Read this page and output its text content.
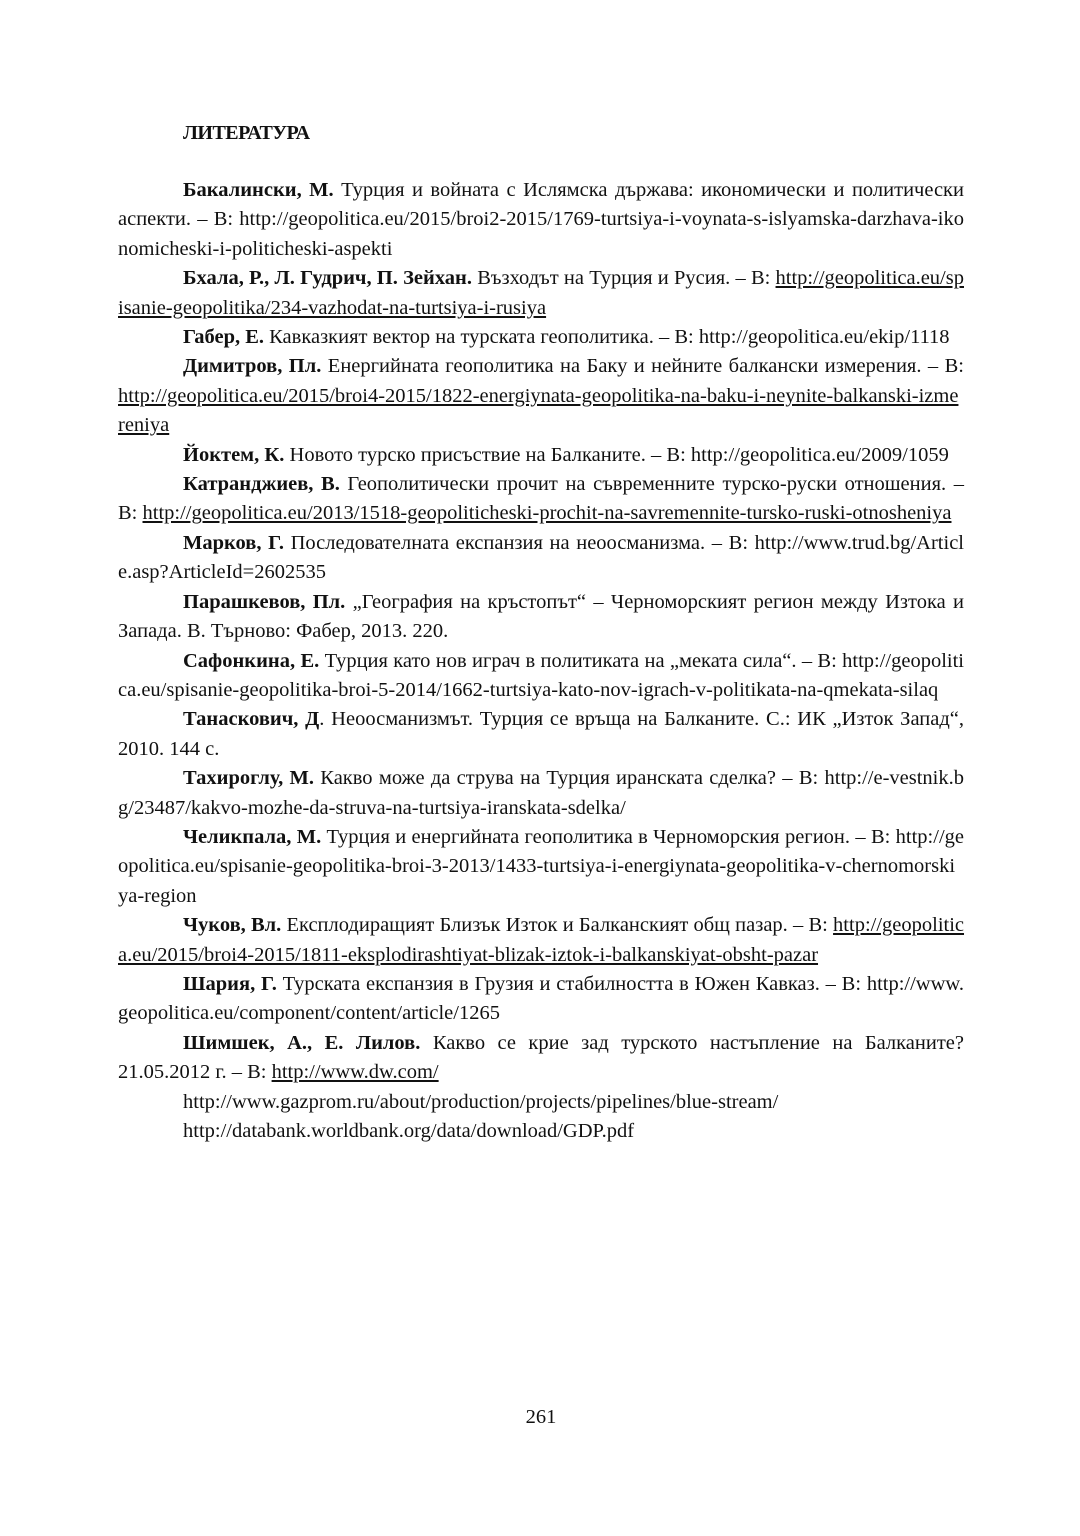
ЛИТЕРАТУРА

Бакалински, М. Турция и войната с Ислямска държава: икономически и политически аспекти. – В: http://geopolitica.eu/2015/broi2-2015/1769-turtsiya-i-voynata-s-islyamska-darzhava-ikonomicheski-i-politicheski-aspekti

Бхала, Р., Л. Гудрич, П. Зейхан. Възходът на Турция и Русия. – В: http://geopolitica.eu/spisanie-geopolitika/234-vazhodat-na-turtsiya-i-rusiya

Габер, Е. Кавказкият вектор на турската геополитика. – В: http://geopolitica.eu/ekip/1118

Димитров, Пл. Енергийната геополитика на Баку и нейните балкански измерения. – В: http://geopolitica.eu/2015/broi4-2015/1822-energiynata-geopolitika-na-baku-i-neynite-balkanski-izmereniya

Йоктем, К. Новото турско присъствие на Балканите. – В: http://geopolitica.eu/2009/1059

Катранджиев, В. Геополитически прочит на съвременните турско-руски отношения. – В: http://geopolitica.eu/2013/1518-geopoliticheski-prochit-na-savremennite-tursko-ruski-otnosheniya

Марков, Г. Последователната експанзия на неоосманизма. – В: http://www.trud.bg/Article.asp?ArticleId=2602535

Парашкевов, Пл. „География на кръстопът“ – Черноморският регион между Изтока и Запада. В. Търново: Фабер, 2013. 220.

Сафонкина, Е. Турция като нов играч в политиката на „меката сила“. – В: http://geopolitica.eu/spisanie-geopolitika-broi-5-2014/1662-turtsiya-kato-nov-igrach-v-politikata-na-qmekata-silaq

Танаскович, Д. Неоосманизмът. Турция се връща на Балканите. С.: ИК „Изток Запад“, 2010. 144 с.

Тахироглу, М. Какво може да струва на Турция иранската сделка? – В: http://e-vestnik.bg/23487/kakvo-mozhe-da-struva-na-turtsiya-iranskata-sdelka/

Челикпала, М. Турция и енергийната геополитика в Черноморския регион. – В: http://geopolitica.eu/spisanie-geopolitika-broi-3-2013/1433-turtsiya-i-energiynata-geopolitika-v-chernomorskiya-region

Чуков, Вл. Експлодиращият Близък Изток и Балканският общ пазар. – В: http://geopolitica.eu/2015/broi4-2015/1811-eksplodirashtiyat-blizak-iztok-i-balkanskiyat-obsht-pazar

Шария, Г. Турската експанзия в Грузия и стабилността в Южен Кавказ. – В: http://www.geopolitica.eu/component/content/article/1265

Шимшек, А., Е. Лилов. Какво се крие зад турското настъпление на Балканите? 21.05.2012 г. – В: http://www.dw.com/

http://www.gazprom.ru/about/production/projects/pipelines/blue-stream/

http://databank.worldbank.org/data/download/GDP.pdf

261
